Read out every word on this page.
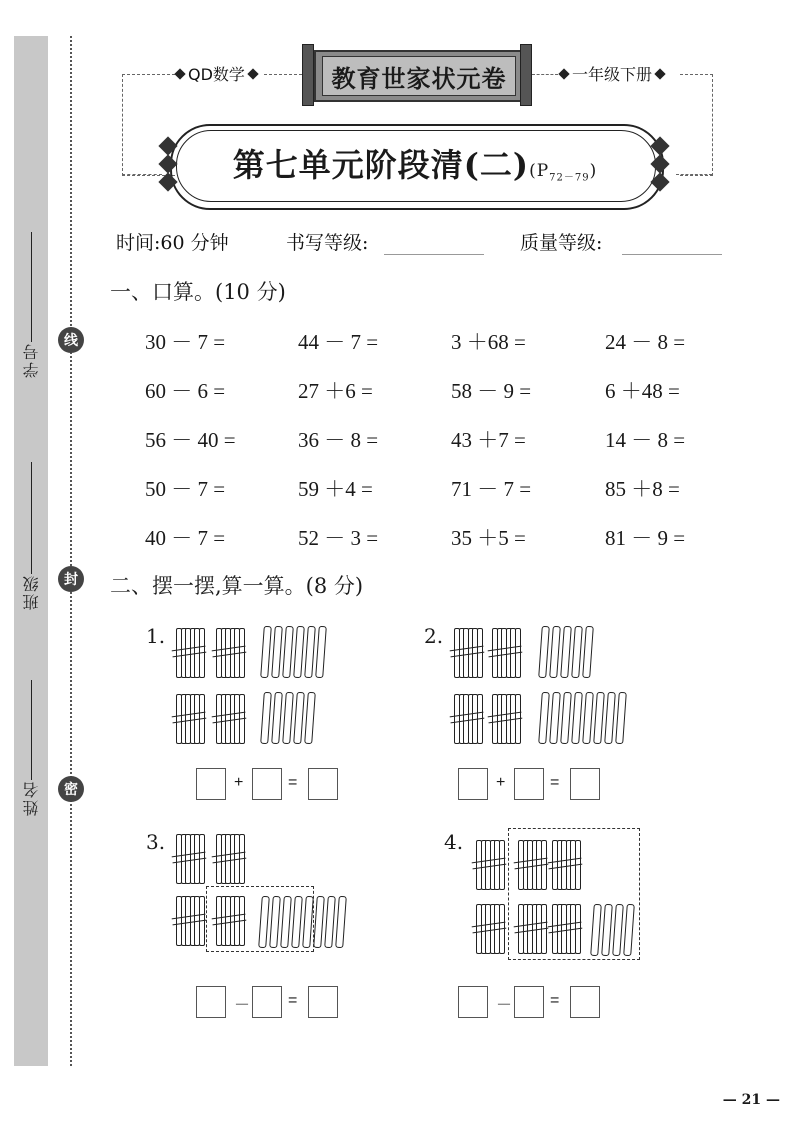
学号
班级
姓名
线
封
密
QD数学	一年级下册
教育世家状元卷
第七单元阶段清(二)$(P_{72-79})$
时间:60 分钟	书写等级:	质量等级:
一、口算。(10 分)
30 － 7 =	44 － 7 =	3 ＋68 =	24 － 8 =
60 － 6 =	27 ＋6 =	58 － 9 =	6 ＋48 =
56 － 40 =	36 － 8 =	43 ＋7 =	14 － 8 =
50 － 7 =	59 ＋4 =	71 － 7 =	85 ＋8 =
40 － 7 =	52 － 3 =	35 ＋5 =	81 － 9 =
二、摆一摆,算一算。(8 分)
1.	2.
3.	4.
+	=	+	=
－ =	－ =
— 21 —
